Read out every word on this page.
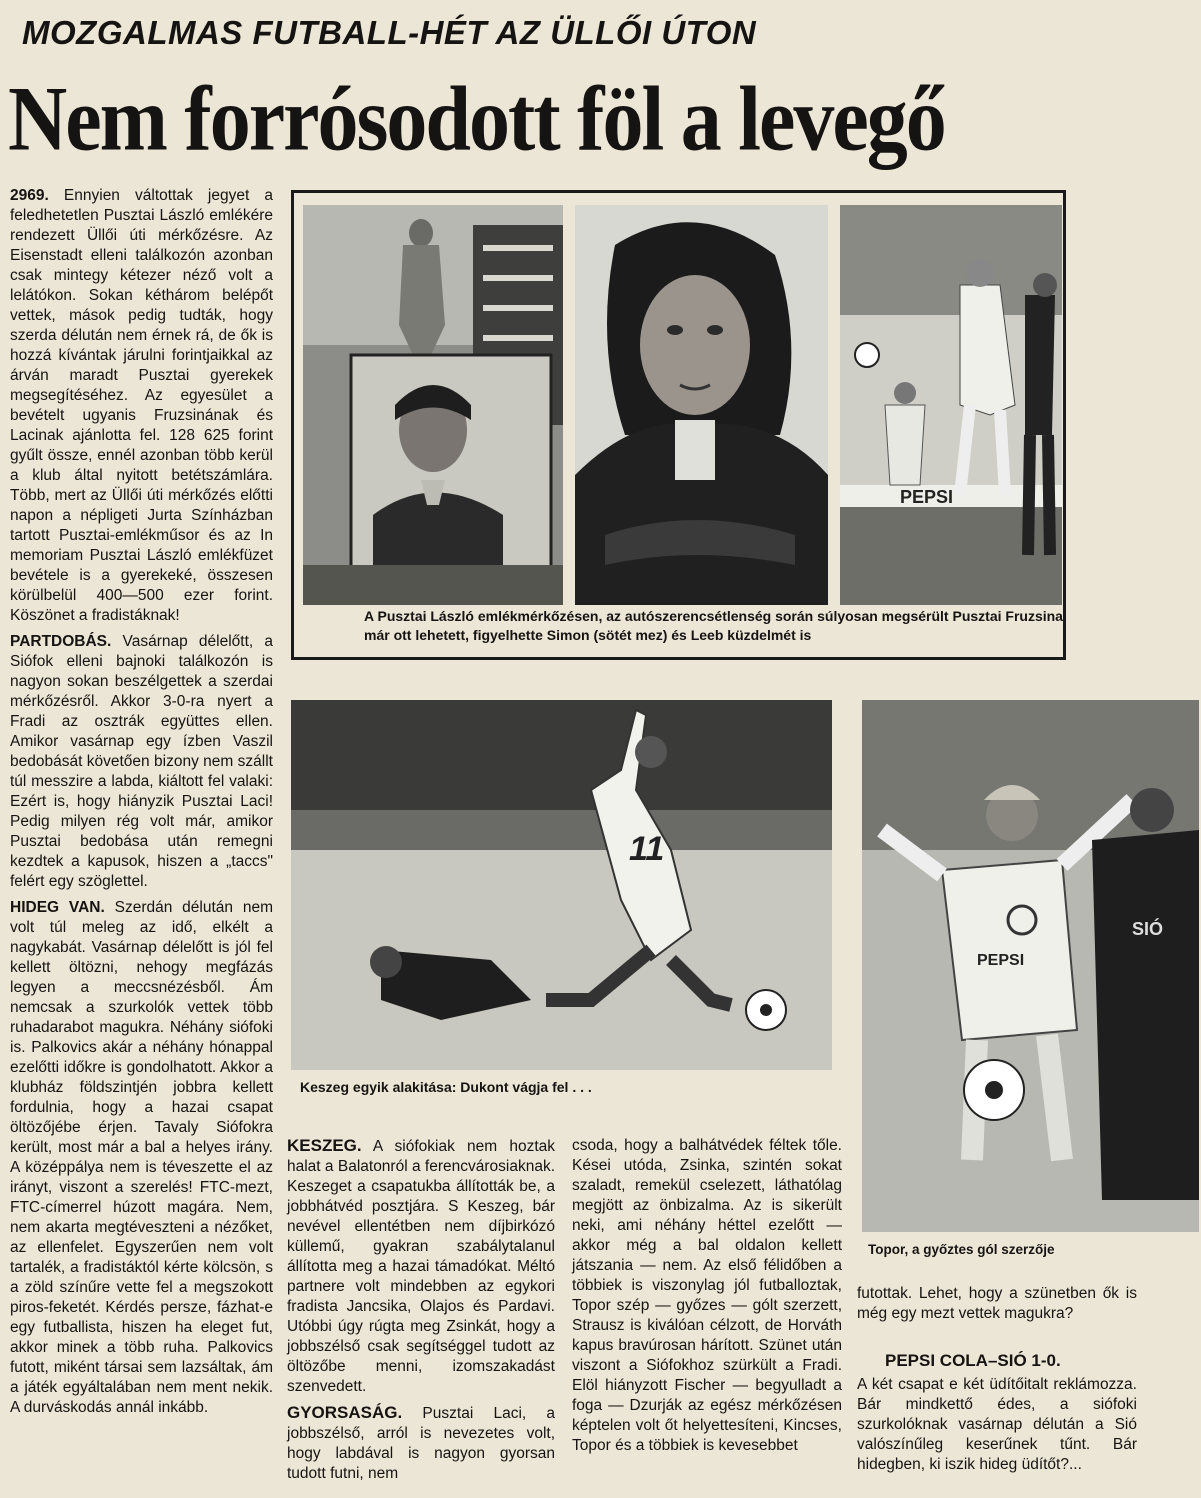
MOZGALMAS FUTBALL-HÉT AZ ÜLLŐI ÚTON
Nem forrósodott föl a levegő

2969. Ennyien váltottak jegyet a feledhetetlen Pusztai László emlékére rendezett Üllői úti mérkőzésre. Az Eisenstadt elleni találkozón azonban csak mintegy kétezer néző volt a lelátókon. Sokan kéthárom belépőt vettek, mások pedig tudták, hogy szerda délután nem érnek rá, de ők is hozzá kívántak járulni forintjaikkal az árván maradt Pusztai gyerekek megsegítéséhez. Az egyesület a bevételt ugyanis Fruzsinának és Lacinak ajánlotta fel. 128 625 forint gyűlt össze, ennél azonban több kerül a klub által nyitott betétszámlára. Több, mert az Üllői úti mérkőzés előtti napon a népligeti Jurta Színházban tartott Pusztai-emlékműsor és az In memoriam Pusztai László emlékfüzet bevétele is a gyerekeké, összesen körülbelül 400—500 ezer forint. Köszönet a fradistáknak!

PARTDOBÁS. Vasárnap délelőtt, a Siófok elleni bajnoki találkozón is nagyon sokan beszélgettek a szerdai mérkőzésről. Akkor 3-0-ra nyert a Fradi az osztrák együttes ellen. Amikor vasárnap egy ízben Vaszil bedobását követően bizony nem szállt túl messzire a labda, kiáltott fel valaki: Ezért is, hogy hiányzik Pusztai Laci! Pedig milyen rég volt már, amikor Pusztai bedobása után remegni kezdtek a kapusok, hiszen a „taccs" felért egy szöglettel.

HIDEG VAN. Szerdán délután nem volt túl meleg az idő, elkélt a nagykabát. Vasárnap délelőtt is jól fel kellett öltözni, nehogy megfázás legyen a meccsnézésből. Ám nemcsak a szurkolók vettek több ruhadarabot magukra. Néhány siófoki is. Palkovics akár a néhány hónappal ezelőtti időkre is gondolhatott. Akkor a klubház földszintjén jobbra kellett fordulnia, hogy a hazai csapat öltözőjébe érjen. Tavaly Siófokra került, most már a bal a helyes irány. A középpálya nem is téveszette el az irányt, viszont a szerelés! FTC-mezt, FTC-címerrel húzott magára. Nem, nem akarta megtéveszteni a nézőket, az ellenfelet. Egyszerűen nem volt tartalék, a fradistáktól kérte kölcsön, s a zöld színűre vette fel a megszokott piros-feketét. Kérdés persze, fázhat-e egy futballista, hiszen ha eleget fut, akkor minek a több ruha. Palkovics futott, miként társai sem lazsáltak, ám a játék egyáltalában nem ment nekik. A durváskodás annál inkább.

PEPSI
A Pusztai László emlékmérkőzésen, az autószerencsétlenség során súlyosan megsérült Pusztai Fruzsina már ott lehetett, figyelhette Simon (sötét mez) és Leeb küzdelmét is
11
Keszeg egyik alakitása: Dukont vágja fel . . .
PEPSI
SIÓ
Topor, a győztes gól szerzője

KESZEG. A siófokiak nem hoztak halat a Balatonról a ferencvárosiaknak. Keszeget a csapatukba állították be, a jobbhátvéd posztjára. S Keszeg, bár nevével ellentétben nem díjbirkózó küllemű, gyakran szabálytalanul állította meg a hazai támadókat. Méltó partnere volt mindebben az egykori fradista Jancsika, Olajos és Pardavi. Utóbbi úgy rúgta meg Zsinkát, hogy a jobbszélső csak segítséggel tudott az öltözőbe menni, izomszakadást szenvedett.

GYORSASÁG. Pusztai Laci, a jobbszélső, arról is nevezetes volt, hogy labdával is nagyon gyorsan tudott futni, nem

csoda, hogy a balhátvédek féltek tőle. Kései utóda, Zsinka, szintén sokat szaladt, remekül cselezett, láthatólag megjött az önbizalma. Az is sikerült neki, ami néhány héttel ezelőtt — akkor még a bal oldalon kellett játszania — nem. Az első félidőben a többiek is viszonylag jól futballoztak, Topor szép — győzes — gólt szerzett, Strausz is kiválóan célzott, de Horváth kapus bravúrosan hárított. Szünet után viszont a Siófokhoz szürkült a Fradi. Elöl hiányzott Fischer — begyulladt a foga — Dzurják az egész mérkőzésen képtelen volt őt helyettesíteni, Kincses, Topor és a többiek is kevesebbet

futottak. Lehet, hogy a szünetben ők is még egy mezt vettek magukra?

PEPSI COLA–SIÓ 1-0.

A két csapat e két üdítőitalt reklámozza. Bár mindkettő édes, a siófoki szurkolóknak vasárnap délután a Sió valószínűleg keserűnek tűnt. Bár hidegben, ki iszik hideg üdítőt?...
